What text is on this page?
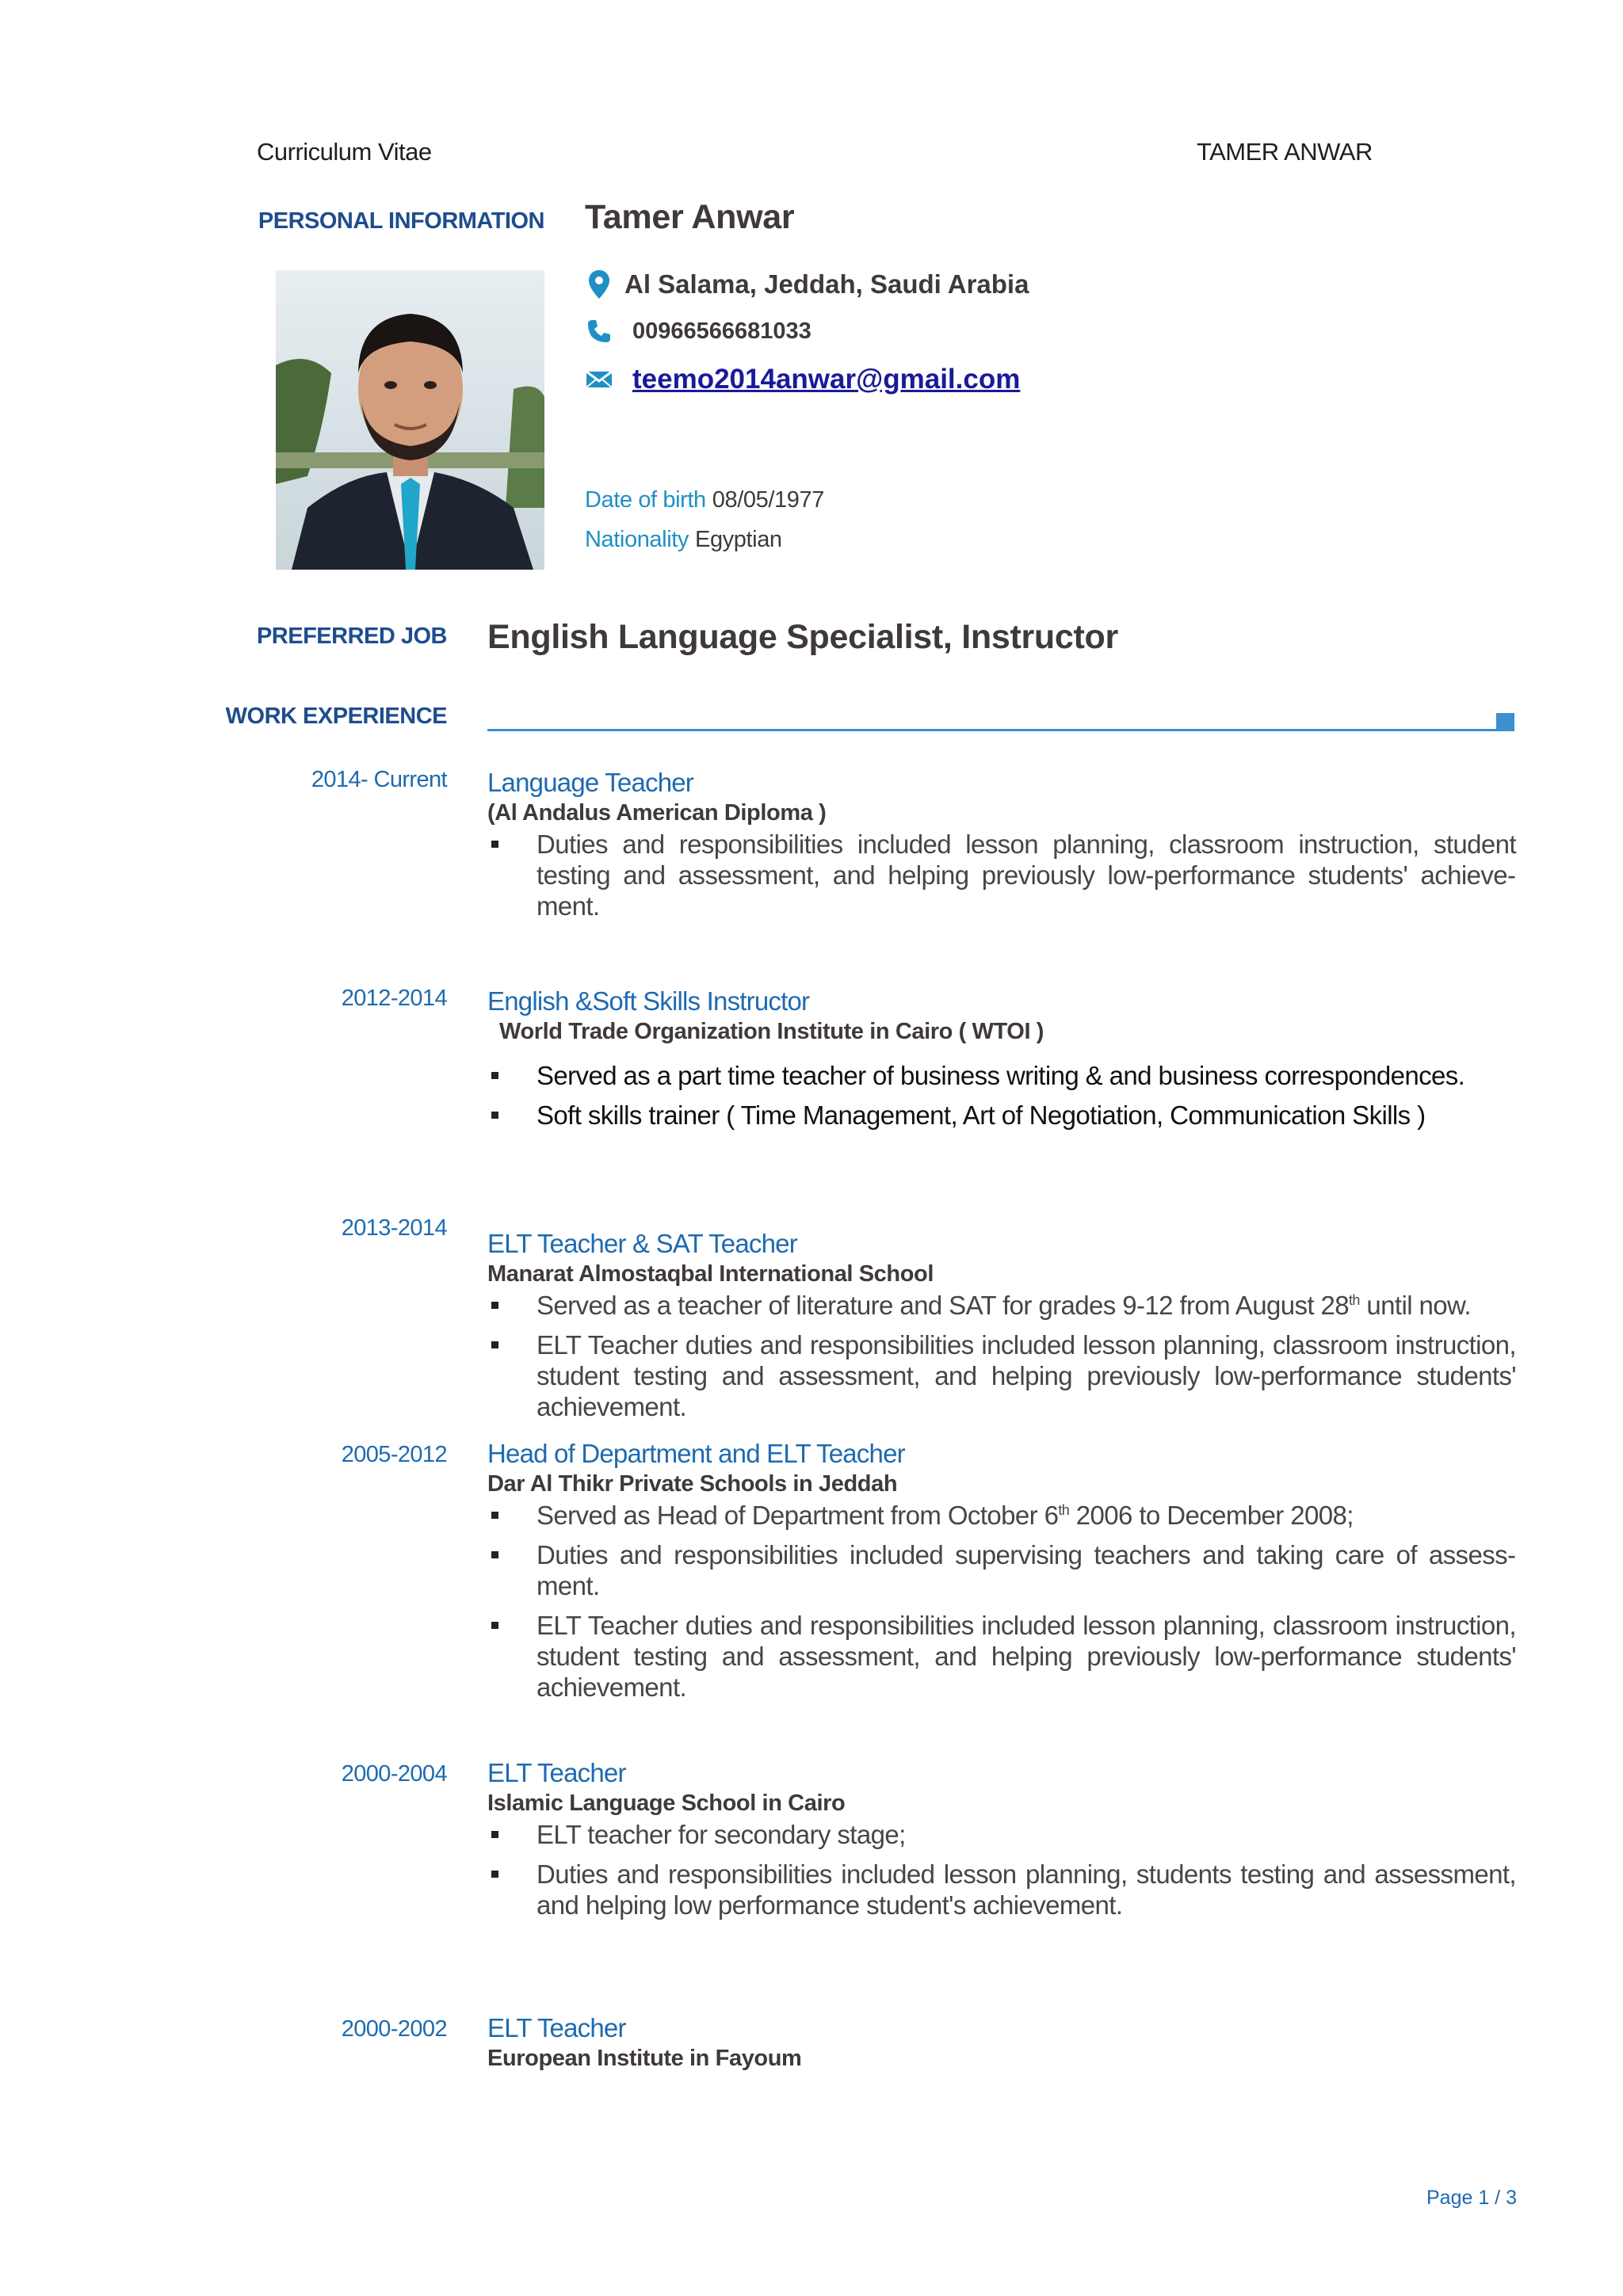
Curriculum Vitae	TAMER ANWAR
PERSONAL INFORMATION Tamer Anwar
Al Salama, Jeddah, Saudi Arabia
00966566681033
teemo2014anwar@gmail.com
Date of birth 08/05/1977
Nationality Egyptian
PREFERRED JOB English Language Specialist, Instructor
WORK EXPERIENCE
2014- Current Language Teacher
(Al Andalus American Diploma )
Duties and responsibilities included lesson planning, classroom instruction, student testing and assessment, and helping previously low-performance students' achievement.
2012-2014 English &Soft Skills Instructor
World Trade Organization Institute in Cairo ( WTOI )
Served as a part time teacher of business writing & and business correspondences.
Soft skills trainer ( Time Management, Art of Negotiation, Communication Skills )
2013-2014
ELT Teacher & SAT Teacher
Manarat Almostaqbal International School
Served as a teacher of literature and SAT for grades 9-12 from August 28th until now.
ELT Teacher duties and responsibilities included lesson planning, classroom instruction, student testing and assessment, and helping previously low-performance students' achievement.
2005-2012 Head of Department and ELT Teacher
Dar Al Thikr Private Schools in Jeddah
Served as Head of Department from October 6th 2006 to December 2008;
Duties and responsibilities included supervising teachers and taking care of assessment.
ELT Teacher duties and responsibilities included lesson planning, classroom instruction, student testing and assessment, and helping previously low-performance students' achievement.
2000-2004 ELT Teacher
Islamic Language School in Cairo
ELT teacher for secondary stage;
Duties and responsibilities included lesson planning, students testing and assessment, and helping low performance student's achievement.
2000-2002 ELT Teacher
European Institute in Fayoum
Page 1 / 3
